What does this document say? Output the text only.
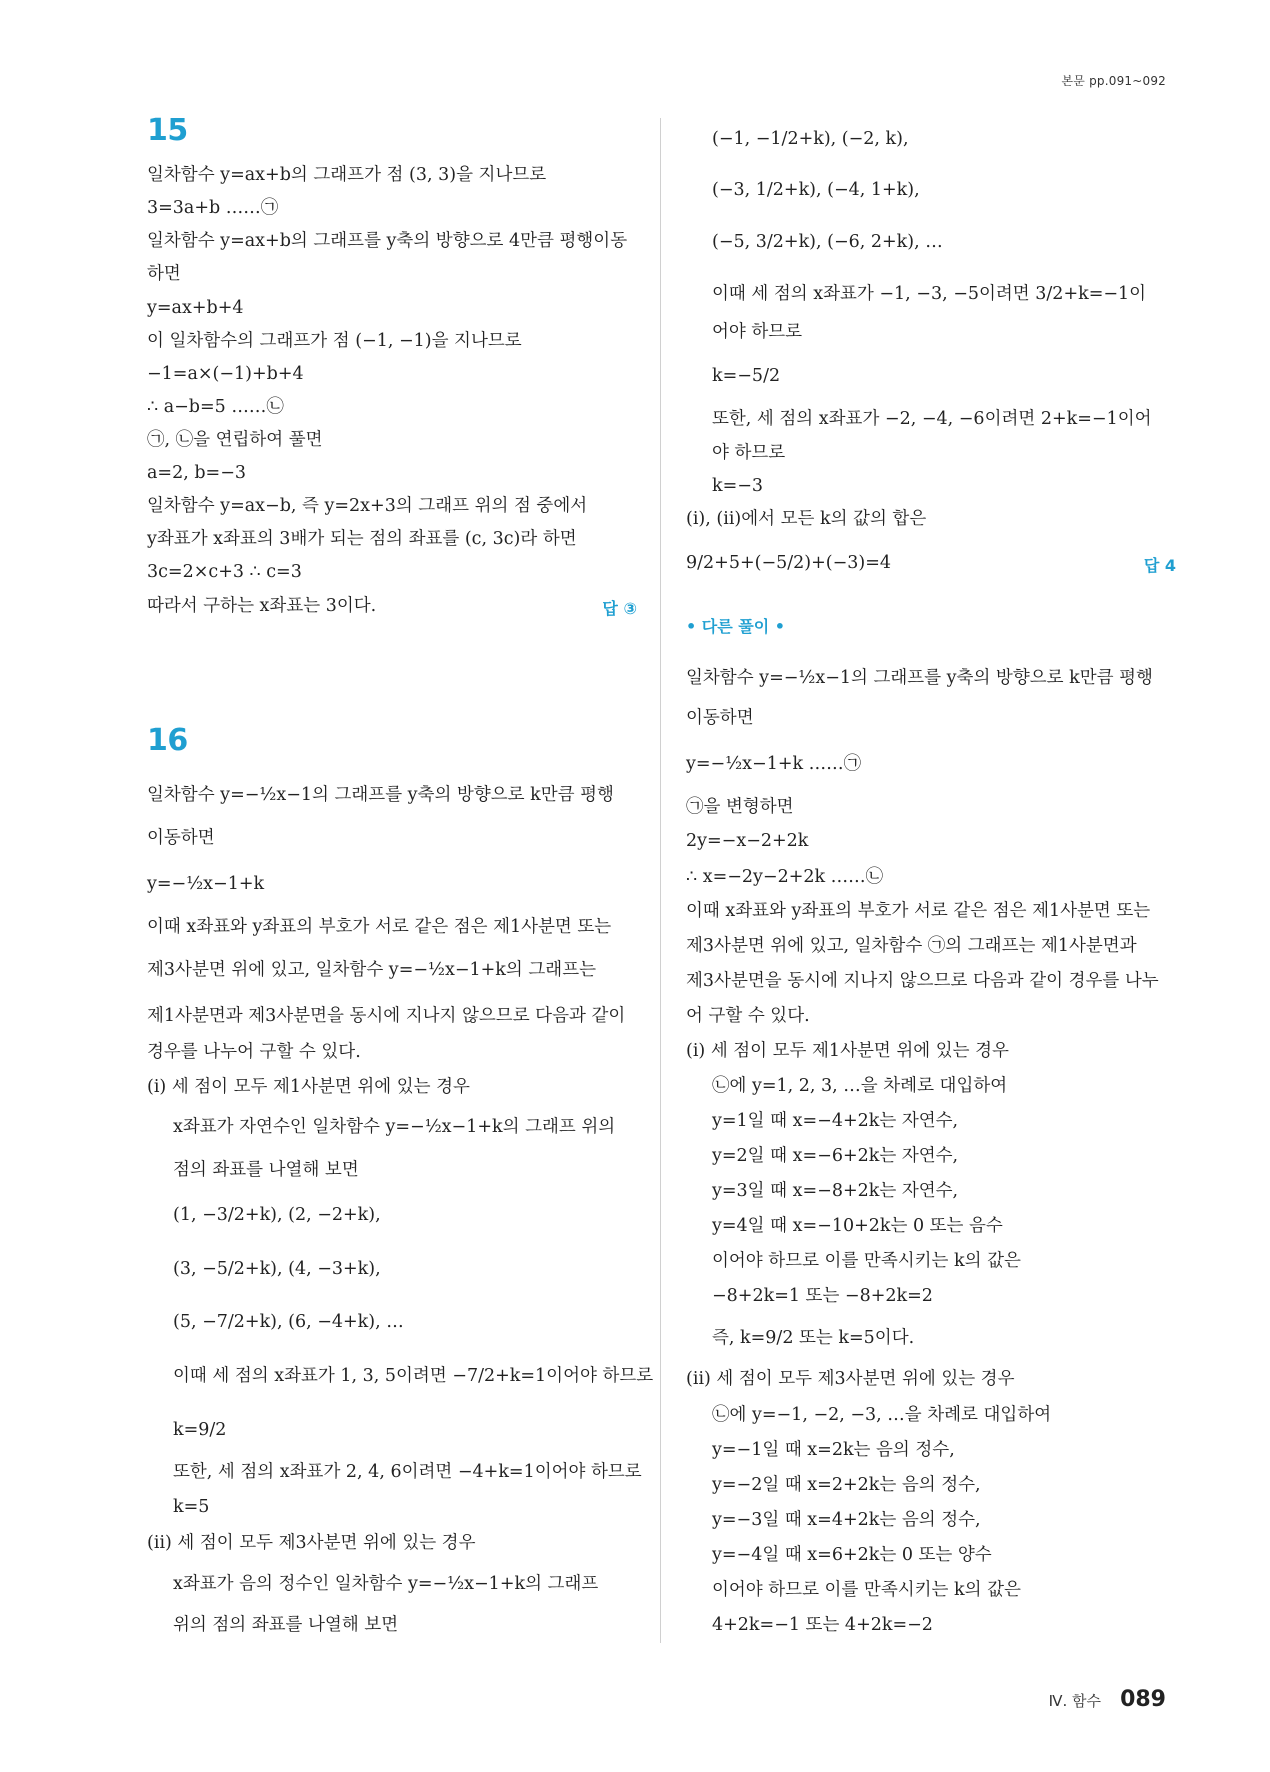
본문 pp.091~092
15
일차함수 y=ax+b의 그래프가 점 (3, 3)을 지나므로
3=3a+b ……㉠
일차함수 y=ax+b의 그래프를 y축의 방향으로 4만큼 평행이동
하면
y=ax+b+4
이 일차함수의 그래프가 점 (−1, −1)을 지나므로
−1=a×(−1)+b+4
∴ a−b=5 ……㉡
㉠, ㉡을 연립하여 풀면
a=2, b=−3
일차함수 y=ax−b, 즉 y=2x+3의 그래프 위의 점 중에서
y좌표가 x좌표의 3배가 되는 점의 좌표를 (c, 3c)라 하면
3c=2×c+3 ∴ c=3
따라서 구하는 x좌표는 3이다.	답 ③
16
일차함수 y=−½x−1의 그래프를 y축의 방향으로 k만큼 평행
이동하면
y=−½x−1+k
이때 x좌표와 y좌표의 부호가 서로 같은 점은 제1사분면 또는
제3사분면 위에 있고, 일차함수 y=−½x−1+k의 그래프는
제1사분면과 제3사분면을 동시에 지나지 않으므로 다음과 같이
경우를 나누어 구할 수 있다.
(ⅰ) 세 점이 모두 제1사분면 위에 있는 경우
x좌표가 자연수인 일차함수 y=−½x−1+k의 그래프 위의
점의 좌표를 나열해 보면
(1, −3/2+k), (2, −2+k),
(3, −5/2+k), (4, −3+k),
(5, −7/2+k), (6, −4+k), …
이때 세 점의 x좌표가 1, 3, 5이려면 −7/2+k=1이어야 하므로
k=9/2
또한, 세 점의 x좌표가 2, 4, 6이려면 −4+k=1이어야 하므로
k=5
(ⅱ) 세 점이 모두 제3사분면 위에 있는 경우
x좌표가 음의 정수인 일차함수 y=−½x−1+k의 그래프
위의 점의 좌표를 나열해 보면
(−1, −1/2+k), (−2, k),
(−3, 1/2+k), (−4, 1+k),
(−5, 3/2+k), (−6, 2+k), …
이때 세 점의 x좌표가 −1, −3, −5이려면 3/2+k=−1이
어야 하므로
k=−5/2
또한, 세 점의 x좌표가 −2, −4, −6이려면 2+k=−1이어
야 하므로
k=−3
(ⅰ), (ⅱ)에서 모든 k의 값의 합은
9/2+5+(−5/2)+(−3)=4	답 4
• 다른 풀이 •
일차함수 y=−½x−1의 그래프를 y축의 방향으로 k만큼 평행
이동하면
y=−½x−1+k ……㉠
㉠을 변형하면
2y=−x−2+2k
∴ x=−2y−2+2k ……㉡
이때 x좌표와 y좌표의 부호가 서로 같은 점은 제1사분면 또는
제3사분면 위에 있고, 일차함수 ㉠의 그래프는 제1사분면과
제3사분면을 동시에 지나지 않으므로 다음과 같이 경우를 나누
어 구할 수 있다.
(ⅰ) 세 점이 모두 제1사분면 위에 있는 경우
㉡에 y=1, 2, 3, …을 차례로 대입하여
y=1일 때 x=−4+2k는 자연수,
y=2일 때 x=−6+2k는 자연수,
y=3일 때 x=−8+2k는 자연수,
y=4일 때 x=−10+2k는 0 또는 음수
이어야 하므로 이를 만족시키는 k의 값은
−8+2k=1 또는 −8+2k=2
즉, k=9/2 또는 k=5이다.
(ⅱ) 세 점이 모두 제3사분면 위에 있는 경우
㉡에 y=−1, −2, −3, …을 차례로 대입하여
y=−1일 때 x=2k는 음의 정수,
y=−2일 때 x=2+2k는 음의 정수,
y=−3일 때 x=4+2k는 음의 정수,
y=−4일 때 x=6+2k는 0 또는 양수
이어야 하므로 이를 만족시키는 k의 값은
4+2k=−1 또는 4+2k=−2
Ⅳ. 함수 089
